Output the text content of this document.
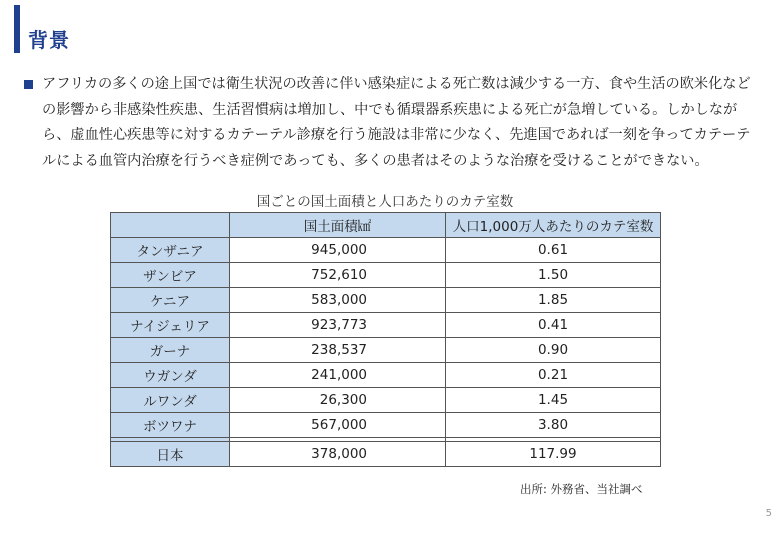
背景

アフリカの多くの途上国では衛生状況の改善に伴い感染症による死亡数は減少する一方、食や生活の欧米化などの影響から非感染性疾患、生活習慣病は増加し、中でも循環器系疾患による死亡が急増している。しかしながら、虚血性心疾患等に対するカテーテル診療を行う施設は非常に少なく、先進国であれば一刻を争ってカテーテルによる血管内治療を行うべき症例であっても、多くの患者はそのような治療を受けることができない。

国ごとの国土面積と人口あたりのカテ室数
	国土面積㎢	人口1,000万人あたりのカテ室数
タンザニア	945,000	0.61
ザンビア	752,610	1.50
ケニア	583,000	1.85
ナイジェリア	923,773	0.41
ガーナ	238,537	0.90
ウガンダ	241,000	0.21
ルワンダ	26,300	1.45
ボツワナ	567,000	3.80

日本	378,000	117.99
出所: 外務省、当社調べ
5
